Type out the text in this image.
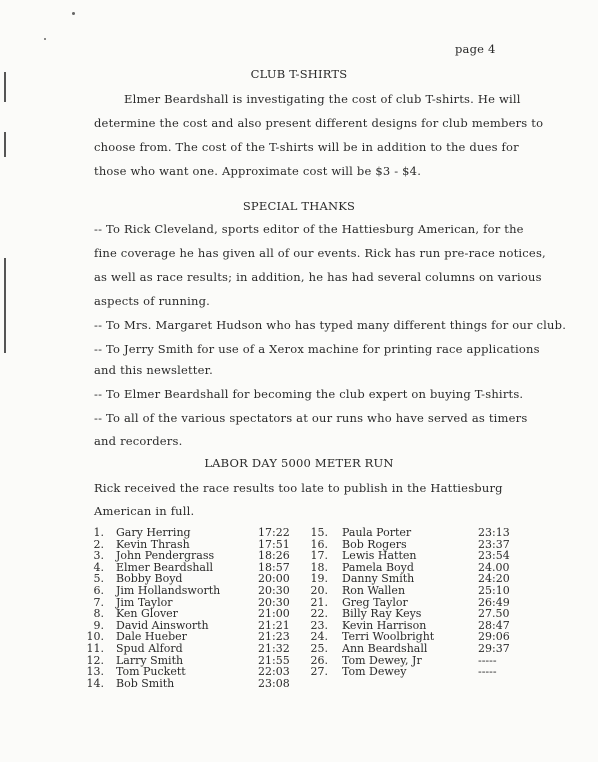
page 4
CLUB T-SHIRTS
Elmer Beardshall is investigating the cost of club T-shirts. He will
determine the cost and also present different designs for club members to
choose from. The cost of the T-shirts will be in addition to the dues for
those who want one. Approximate cost will be $3 - $4.
SPECIAL THANKS
-- To Rick Cleveland, sports editor of the Hattiesburg American, for the
fine coverage he has given all of our events. Rick has run pre-race notices,
as well as race results; in addition, he has had several columns on various
aspects of running.
-- To Mrs. Margaret Hudson who has typed many different things for our club.
-- To Jerry Smith for use of a Xerox machine for printing race applications
and this newsletter.
-- To Elmer Beardshall for becoming the club expert on buying T-shirts.
-- To all of the various spectators at our runs who have served as timers
and recorders.
LABOR DAY 5000 METER RUN
Rick received the race results too late to publish in the Hattiesburg
American in full.
1. Gary Herring	17:22
2. Kevin Thrash	17:51
3. John Pendergrass	18:26
4. Elmer Beardshall	18:57
5. Bobby Boyd	20:00
6. Jim Hollandsworth	20:30
7. Jim Taylor	20:30
8. Ken Glover	21:00
9. David Ainsworth	21:21
10. Dale Hueber	21:23
11. Spud Alford	21:32
12. Larry Smith	21:55
13. Tom Puckett	22:03
14. Bob Smith	23:08
15. Paula Porter	23:13
16. Bob Rogers	23:37
17. Lewis Hatten	23:54
18. Pamela Boyd	24.00
19. Danny Smith	24:20
20. Ron Wallen	25:10
21. Greg Taylor	26:49
22. Billy Ray Keys	27.50
23. Kevin Harrison	28:47
24. Terri Woolbright	29:06
25. Ann Beardshall	29:37
26. Tom Dewey, Jr	-----
27. Tom Dewey	-----
